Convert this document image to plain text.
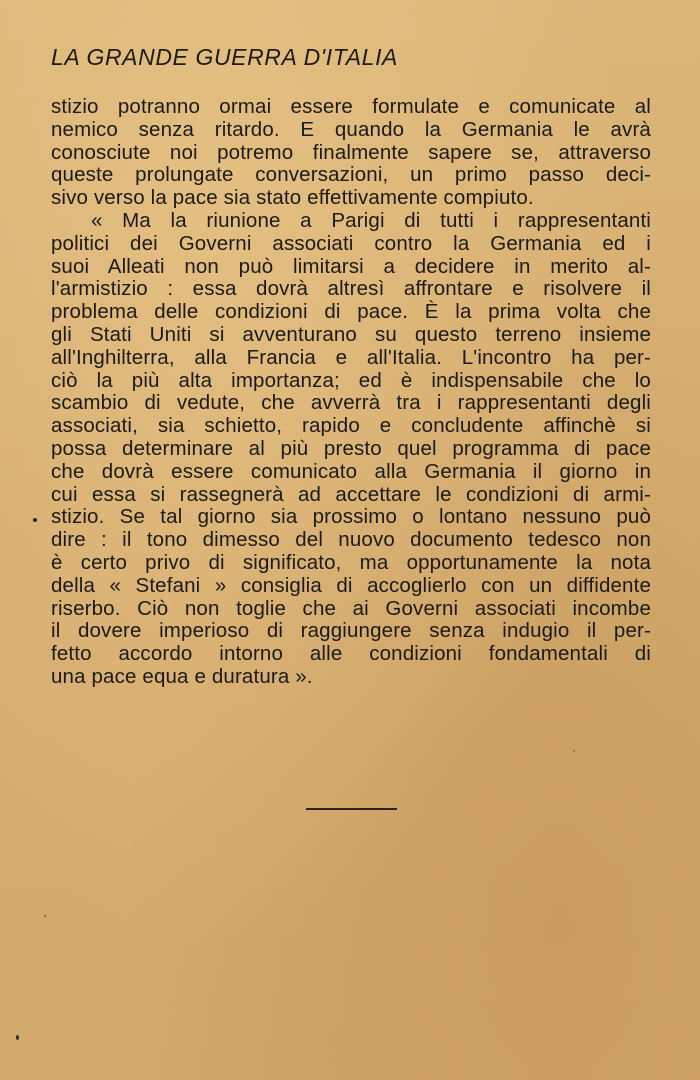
LA GRANDE GUERRA D'ITALIA
stizio potranno ormai essere formulate e comunicate al
nemico senza ritardo. E quando la Germania le avrà
conosciute noi potremo finalmente sapere se, attraverso
queste prolungate conversazioni, un primo passo deci-
sivo verso la pace sia stato effettivamente compiuto.
« Ma la riunione a Parigi di tutti i rappresentanti
politici dei Governi associati contro la Germania ed i
suoi Alleati non può limitarsi a decidere in merito al-
l'armistizio : essa dovrà altresì affrontare e risolvere il
problema delle condizioni di pace. È la prima volta che
gli Stati Uniti si avventurano su questo terreno insieme
all'Inghilterra, alla Francia e all'Italia. L'incontro ha per-
ciò la più alta importanza; ed è indispensabile che lo
scambio di vedute, che avverrà tra i rappresentanti degli
associati, sia schietto, rapido e concludente affinchè si
possa determinare al più presto quel programma di pace
che dovrà essere comunicato alla Germania il giorno in
cui essa si rassegnerà ad accettare le condizioni di armi-
stizio. Se tal giorno sia prossimo o lontano nessuno può
dire : il tono dimesso del nuovo documento tedesco non
è certo privo di significato, ma opportunamente la nota
della « Stefani » consiglia di accoglierlo con un diffidente
riserbo. Ciò non toglie che ai Governi associati incombe
il dovere imperioso di raggiungere senza indugio il per-
fetto accordo intorno alle condizioni fondamentali di
una pace equa e duratura ».
